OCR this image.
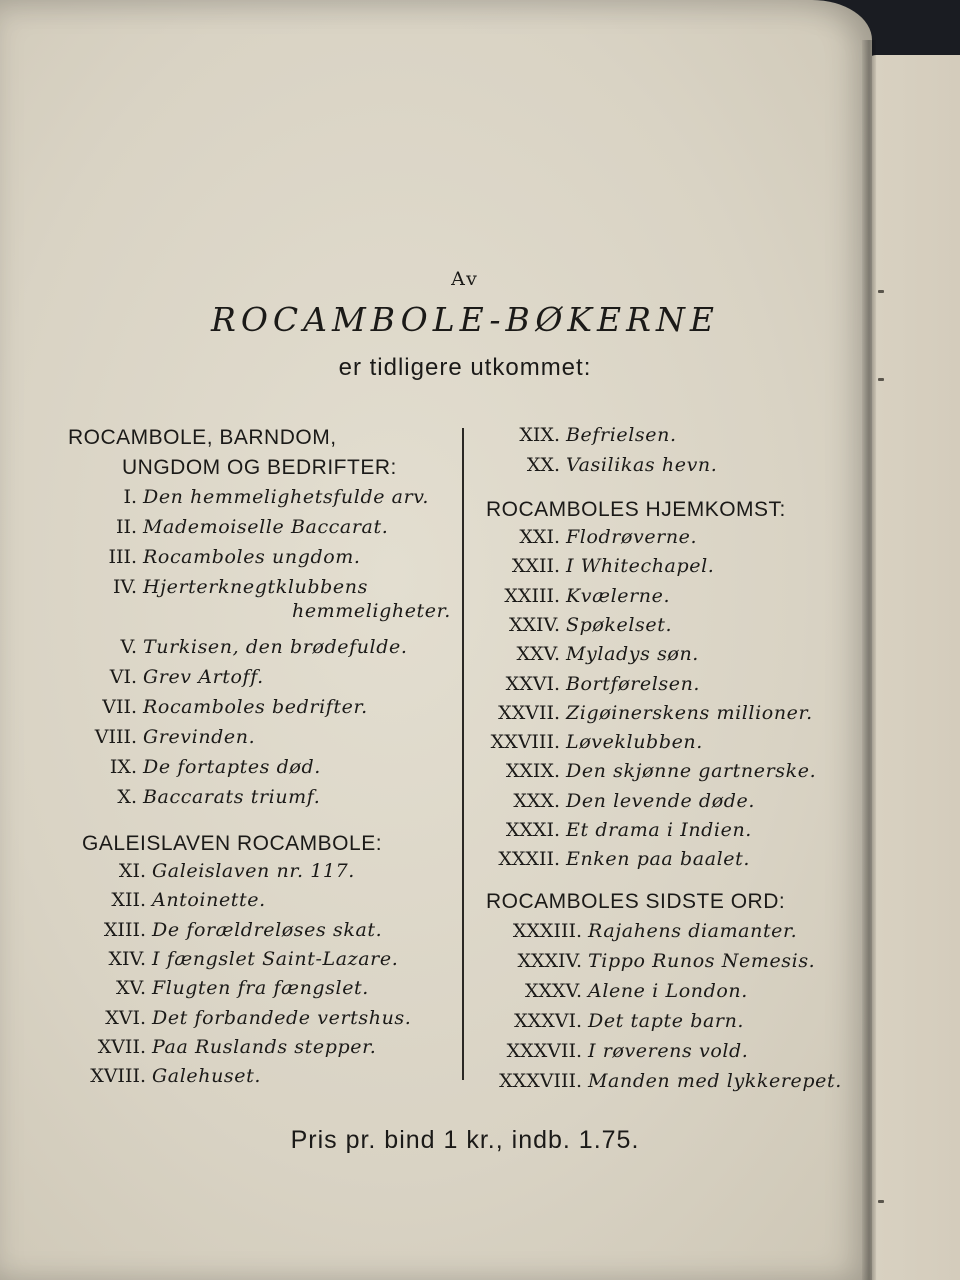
Av
ROCAMBOLE-BØKERNE
er tidligere utkommet:
ROCAMBOLE, BARNDOM,
UNGDOM OG BEDRIFTER:
I. Den hemmelighetsfulde arv.
II. Mademoiselle Baccarat.
III. Rocamboles ungdom.
IV. Hjerterknegtklubbens
V. Turkisen, den brødefulde.
VI. Grev Artoff.
VII. Rocamboles bedrifter.
VIII. Grevinden.
IX. De fortaptes død.
X. Baccarats triumf.
hemmeligheter.
GALEISLAVEN ROCAMBOLE:
XI. Galeislaven nr. 117.
XII. Antoinette.
XIII. De forældreløses skat.
XIV. I fængslet Saint-Lazare.
XV. Flugten fra fængslet.
XVI. Det forbandede vertshus.
XVII. Paa Ruslands stepper.
XVIII. Galehuset.
XIX. Befrielsen.
XX. Vasilikas hevn.
ROCAMBOLES HJEMKOMST:
XXI. Flodrøverne.
XXII. I Whitechapel.
XXIII. Kvælerne.
XXIV. Spøkelset.
XXV. Myladys søn.
XXVI. Bortførelsen.
XXVII. Zigøinerskens millioner.
XXVIII. Løveklubben.
XXIX. Den skjønne gartnerske.
XXX. Den levende døde.
XXXI. Et drama i Indien.
XXXII. Enken paa baalet.
ROCAMBOLES SIDSTE ORD:
XXXIII. Rajahens diamanter.
XXXIV. Tippo Runos Nemesis.
XXXV. Alene i London.
XXXVI. Det tapte barn.
XXXVII. I røverens vold.
XXXVIII. Manden med lykkerepet.
Pris pr. bind 1 kr., indb. 1.75.
